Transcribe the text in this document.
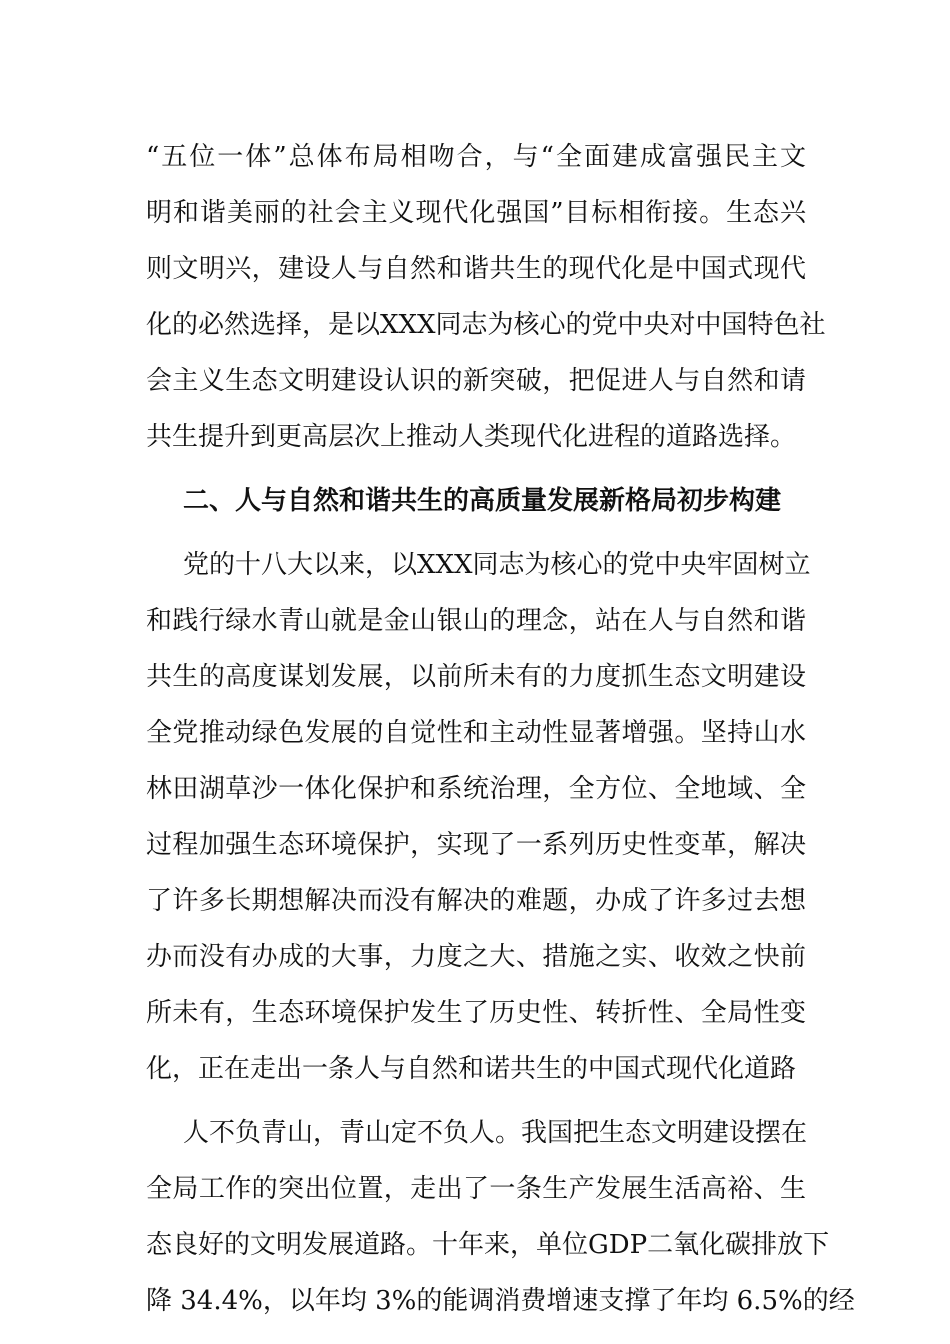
“五位一体”总体布局相吻合，与“全面建成富强民主文
明和谐美丽的社会主义现代化强国”目标相衔接。生态兴
则文明兴，建设人与自然和谐共生的现代化是中国式现代
化的必然选择，是以XXX同志为核心的党中央对中国特色社
会主义生态文明建设认识的新突破，把促进人与自然和请
共生提升到更高层次上推动人类现代化进程的道路选择。
二、人与自然和谐共生的高质量发展新格局初步构建
党的十八大以来，以XXX同志为核心的党中央牢固树立
和践行绿水青山就是金山银山的理念，站在人与自然和谐
共生的高度谋划发展，以前所未有的力度抓生态文明建设
全党推动绿色发展的自觉性和主动性显著增强。坚持山水
林田湖草沙一体化保护和系统治理，全方位、全地域、全
过程加强生态环境保护，实现了一系列历史性变革，解决
了许多长期想解决而没有解决的难题，办成了许多过去想
办而没有办成的大事，力度之大、措施之实、收效之快前
所未有，生态环境保护发生了历史性、转折性、全局性变
化，正在走出一条人与自然和诺共生的中国式现代化道路
人不负青山，青山定不负人。我国把生态文明建设摆在
全局工作的突出位置，走出了一条生产发展生活高裕、生
态良好的文明发展道路。十年来，单位GDP二氧化碳排放下
降 34.4%，以年均 3%的能调消费增速支撑了年均 6.5%的经
